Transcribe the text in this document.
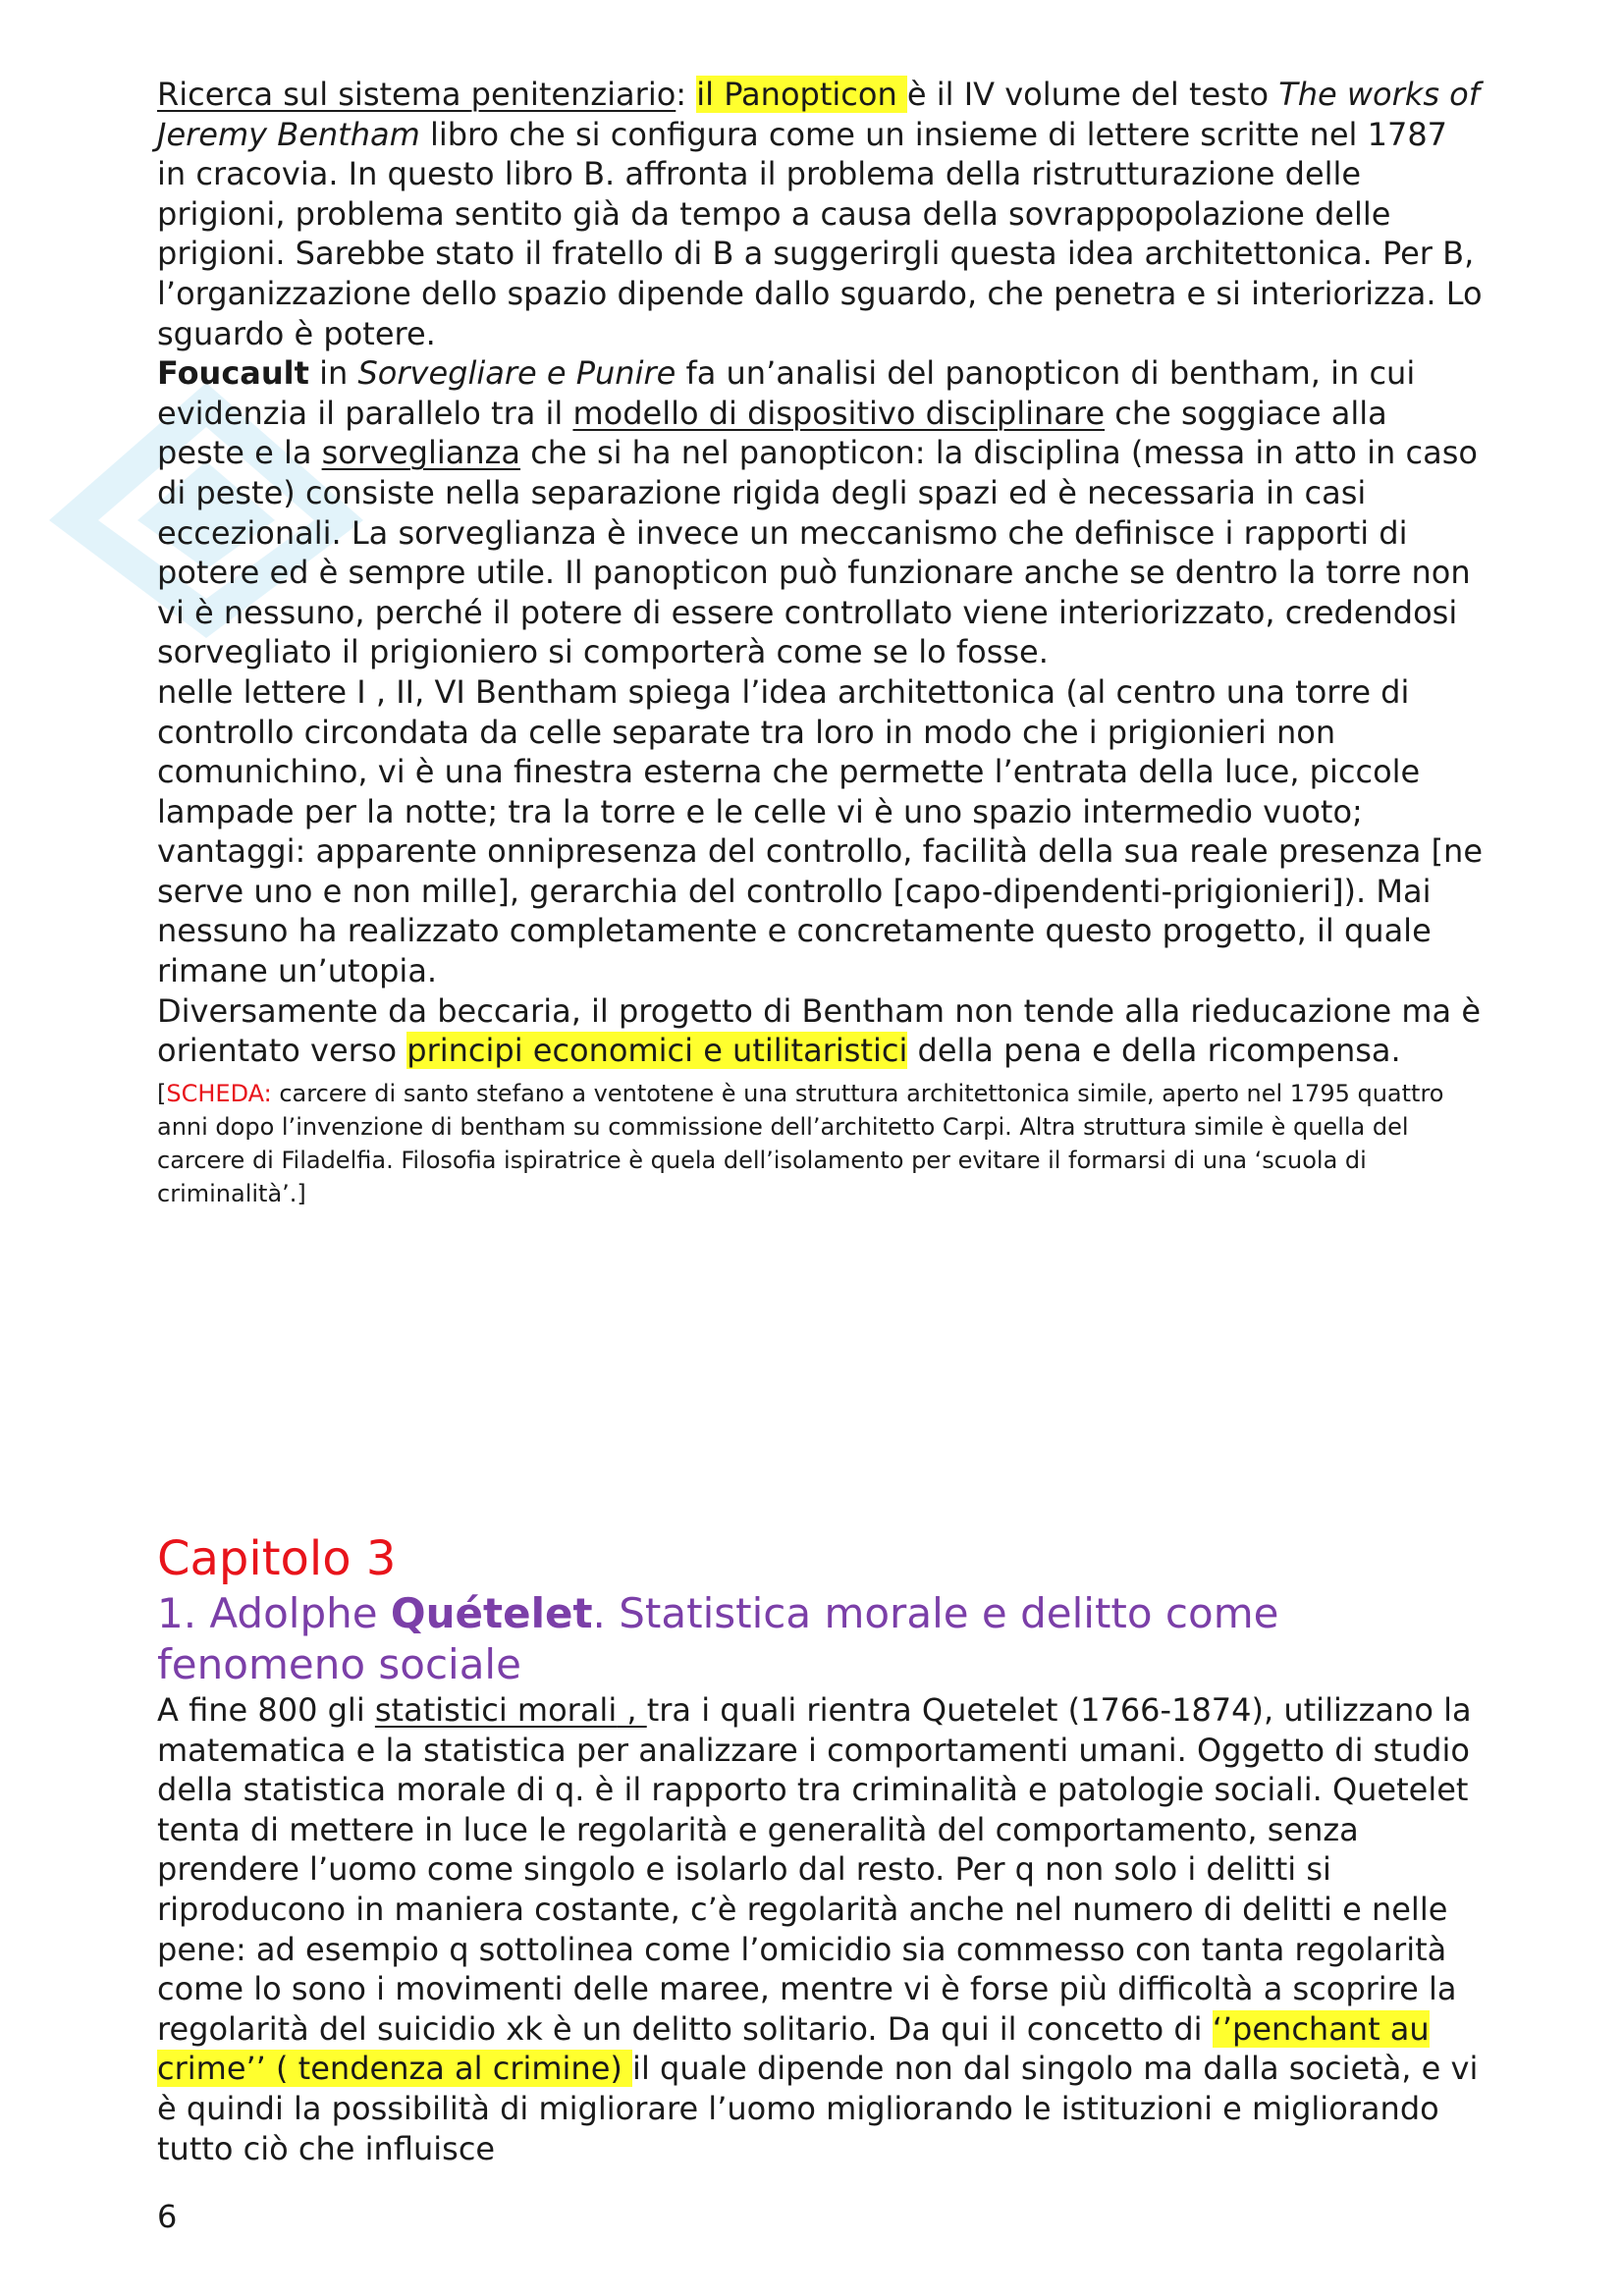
Ricerca sul sistema penitenziario: il Panopticon è il IV volume del testo The works of Jeremy Bentham libro che si configura come un insieme di lettere scritte nel 1787 in cracovia. In questo libro B. affronta il problema della ristrutturazione delle prigioni, problema sentito già da tempo a causa della sovrappopolazione delle prigioni. Sarebbe stato il fratello di B a suggerirgli questa idea architettonica. Per B, l’organizzazione dello spazio dipende dallo sguardo, che penetra e si interiorizza. Lo sguardo è potere.

Foucault in Sorvegliare e Punire fa un’analisi del panopticon di bentham, in cui evidenzia il parallelo tra il modello di dispositivo disciplinare che soggiace alla peste e la sorveglianza che si ha nel panopticon: la disciplina (messa in atto in caso di peste) consiste nella separazione rigida degli spazi ed è necessaria in casi eccezionali. La sorveglianza è invece un meccanismo che definisce i rapporti di potere ed è sempre utile. Il panopticon può funzionare anche se dentro la torre non vi è nessuno, perché il potere di essere controllato viene interiorizzato, credendosi sorvegliato il prigioniero si comporterà come se lo fosse.

nelle lettere I , II, VI Bentham spiega l’idea architettonica (al centro una torre di controllo circondata da celle separate tra loro in modo che i prigionieri non comunichino, vi è una finestra esterna che permette l’entrata della luce, piccole lampade per la notte; tra la torre e le celle vi è uno spazio intermedio vuoto; vantaggi: apparente onnipresenza del controllo, facilità della sua reale presenza [ne serve uno e non mille], gerarchia del controllo [capo-dipendenti-prigionieri]). Mai nessuno ha realizzato completamente e concretamente questo progetto, il quale rimane un’utopia.

Diversamente da beccaria, il progetto di Bentham non tende alla rieducazione ma è orientato verso principi economici e utilitaristici della pena e della ricompensa.

[SCHEDA: carcere di santo stefano a ventotene è una struttura architettonica simile, aperto nel 1795 quattro anni dopo l’invenzione di bentham su commissione dell’architetto Carpi. Altra struttura simile è quella del carcere di Filadelfia. Filosofia ispiratrice è quela dell’isolamento per evitare il formarsi di una ‘scuola di criminalità’.]
Capitolo 3
1. Adolphe Quételet. Statistica morale e delitto come fenomeno sociale

A fine 800 gli statistici morali , tra i quali rientra Quetelet (1766-1874), utilizzano la matematica e la statistica per analizzare i comportamenti umani. Oggetto di studio della statistica morale di q. è il rapporto tra criminalità e patologie sociali. Quetelet tenta di mettere in luce le regolarità e generalità del comportamento, senza prendere l’uomo come singolo e isolarlo dal resto. Per q non solo i delitti si riproducono in maniera costante, c’è regolarità anche nel numero di delitti e nelle pene: ad esempio q sottolinea come l’omicidio sia commesso con tanta regolarità come lo sono i movimenti delle maree, mentre vi è forse più difficoltà a scoprire la regolarità del suicidio xk è un delitto solitario. Da qui il concetto di ‘’penchant au crime’’ ( tendenza al crimine) il quale dipende non dal singolo ma dalla società, e vi è quindi la possibilità di migliorare l’uomo migliorando le istituzioni e migliorando tutto ciò che influisce

6
